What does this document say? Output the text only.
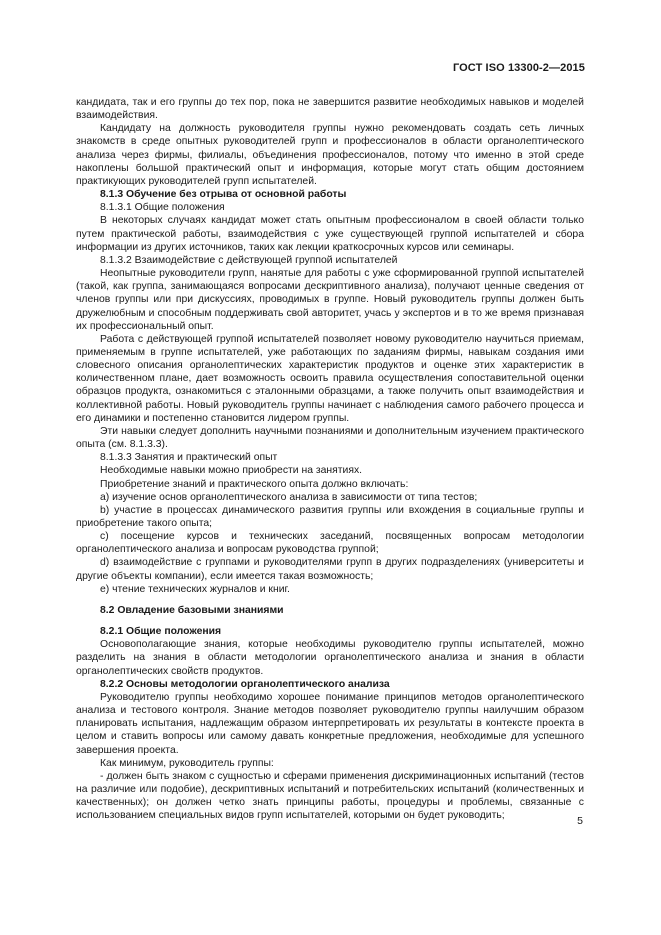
ГОСТ ISO 13300-2—2015

кандидата, так и его группы до тех пор, пока не завершится развитие необходимых навыков и моделей взаимодействия.

Кандидату на должность руководителя группы нужно рекомендовать создать сеть личных знакомств в среде опытных руководителей групп и профессионалов в области органолептического анализа через фирмы, филиалы, объединения профессионалов, потому что именно в этой среде накоплены большой практический опыт и информация, которые могут стать общим достоянием практикующих руководителей групп испытателей.

8.1.3 Обучение без отрыва от основной работы

8.1.3.1 Общие положения

В некоторых случаях кандидат может стать опытным профессионалом в своей области только путем практической работы, взаимодействия с уже существующей группой испытателей и сбора информации из других источников, таких как лекции краткосрочных курсов или семинары.

8.1.3.2 Взаимодействие с действующей группой испытателей

Неопытные руководители групп, нанятые для работы с уже сформированной группой испытателей (такой, как группа, занимающаяся вопросами дескриптивного анализа), получают ценные сведения от членов группы или при дискуссиях, проводимых в группе. Новый руководитель группы должен быть дружелюбным и способным поддерживать свой авторитет, учась у экспертов и в то же время признавая их профессиональный опыт.

Работа с действующей группой испытателей позволяет новому руководителю научиться приемам, применяемым в группе испытателей, уже работающих по заданиям фирмы, навыкам создания ими словесного описания органолептических характеристик продуктов и оценке этих характеристик в количественном плане, дает возможность освоить правила осуществления сопоставительной оценки образцов продукта, ознакомиться с эталонными образцами, а также получить опыт взаимодействия и коллективной работы. Новый руководитель группы начинает с наблюдения самого рабочего процесса и его динамики и постепенно становится лидером группы.

Эти навыки следует дополнить научными познаниями и дополнительным изучением практического опыта (см. 8.1.3.3).

8.1.3.3 Занятия и практический опыт

Необходимые навыки можно приобрести на занятиях.

Приобретение знаний и практического опыта должно включать:

a) изучение основ органолептического анализа в зависимости от типа тестов;

b) участие в процессах динамического развития группы или вхождения в социальные группы и приобретение такого опыта;

c) посещение курсов и технических заседаний, посвященных вопросам методологии органолептического анализа и вопросам руководства группой;

d) взаимодействие с группами и руководителями групп в других подразделениях (университеты и другие объекты компании), если имеется такая возможность;

e) чтение технических журналов и книг.

8.2 Овладение базовыми знаниями

8.2.1 Общие положения

Основополагающие знания, которые необходимы руководителю группы испытателей, можно разделить на знания в области методологии органолептического анализа и знания в области органолептических свойств продуктов.

8.2.2 Основы методологии органолептического анализа

Руководителю группы необходимо хорошее понимание принципов методов органолептического анализа и тестового контроля. Знание методов позволяет руководителю группы наилучшим образом планировать испытания, надлежащим образом интерпретировать их результаты в контексте проекта в целом и ставить вопросы или самому давать конкретные предложения, необходимые для успешного завершения проекта.

Как минимум, руководитель группы:

- должен быть знаком с сущностью и сферами применения дискриминационных испытаний (тестов на различие или подобие), дескриптивных испытаний и потребительских испытаний (количественных и качественных); он должен четко знать принципы работы, процедуры и проблемы, связанные с использованием специальных видов групп испытателей, которыми он будет руководить;	5
